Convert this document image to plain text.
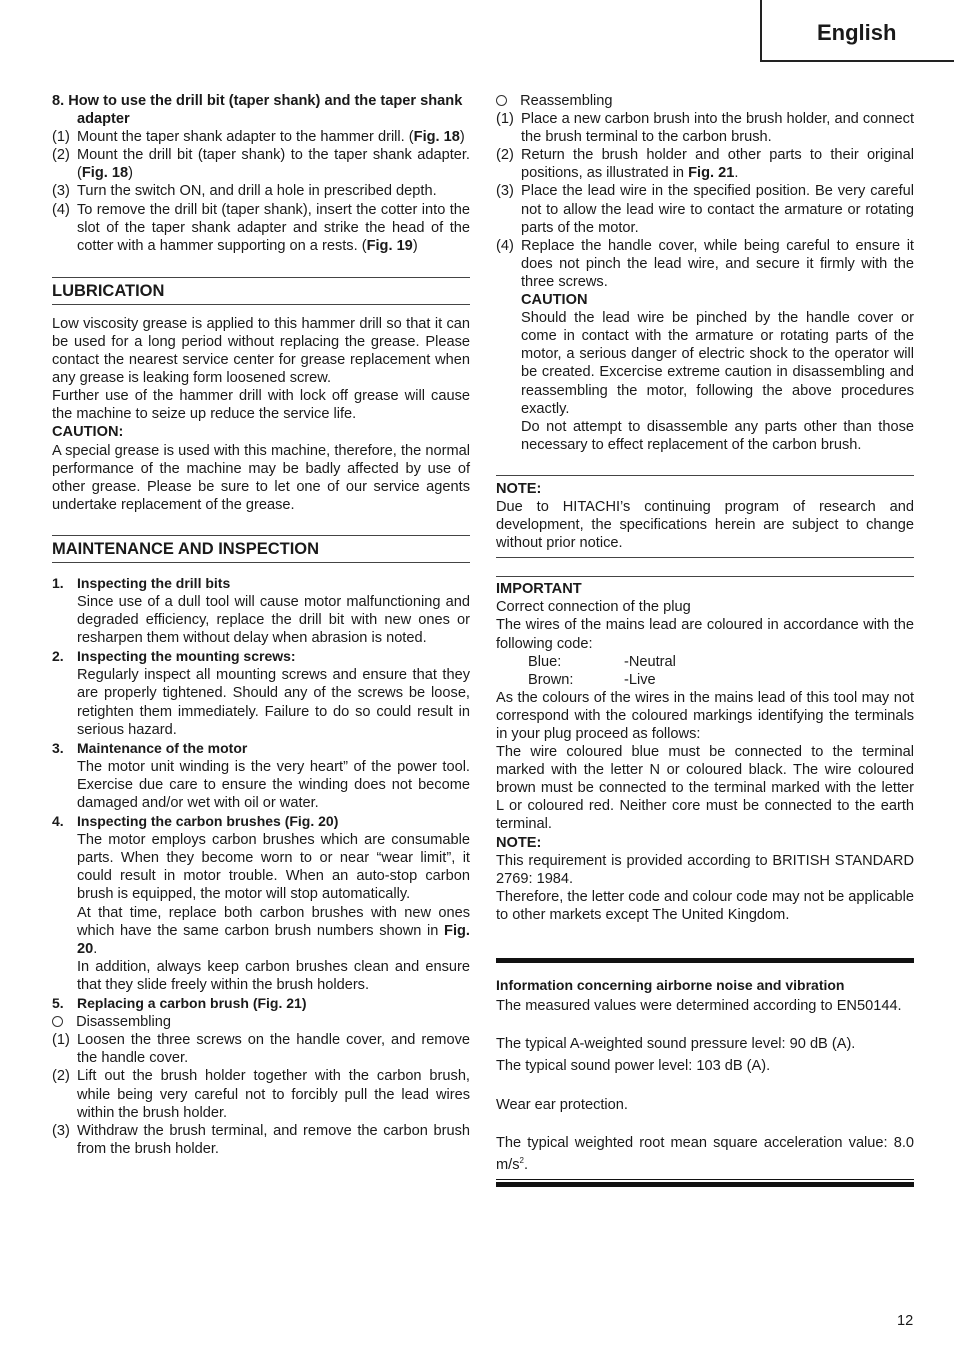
English

8. How to use the drill bit (taper shank) and the taper shank adapter

(1) Mount the taper shank adapter to the hammer drill. (Fig. 18)
(2) Mount the drill bit (taper shank) to the taper shank adapter. (Fig. 18)
(3) Turn the switch ON, and drill a hole in prescribed depth.
(4) To remove the drill bit (taper shank), insert the cotter into the slot of the taper shank adapter and strike the head of the cotter with a hammer supporting on a rests. (Fig. 19)
LUBRICATION

Low viscosity grease is applied to this hammer drill so that it can be used for a long period without replacing the grease. Please contact the nearest service center for grease replacement when any grease is leaking form loosened screw.

Further use of the hammer drill with lock off grease will cause the machine to seize up reduce the service life.

CAUTION:

A special grease is used with this machine, therefore, the normal performance of the machine may be badly affected by use of other grease. Please be sure to let one of our service agents undertake replacement of the grease.

MAINTENANCE AND INSPECTION
1. Inspecting the drill bits

Since use of a dull tool will cause motor malfunctioning and degraded efficiency, replace the drill bit with new ones or resharpen them without delay when abrasion is noted.

2. Inspecting the mounting screws:

Regularly inspect all mounting screws and ensure that they are properly tightened. Should any of the screws be loose, retighten them immediately. Failure to do so could result in serious hazard.

3. Maintenance of the motor

The motor unit winding is the very heart” of the power tool. Exercise due care to ensure the winding does not become damaged and/or wet with oil or water.

4. Inspecting the carbon brushes (Fig. 20)

The motor employs carbon brushes which are consumable parts. When they become worn to or near “wear limit”, it could result in motor trouble. When an auto-stop carbon brush is equipped, the motor will stop automatically.

At that time, replace both carbon brushes with new ones which have the same carbon brush numbers shown in Fig. 20.

In addition, always keep carbon brushes clean and ensure that they slide freely within the brush holders.

5. Replacing a carbon brush (Fig. 21)
Disassembling
(1) Loosen the three screws on the handle cover, and remove the handle cover.
(2) Lift out the brush holder together with the carbon brush, while being very careful not to forcibly pull the lead wires within the brush holder.
(3) Withdraw the brush terminal, and remove the carbon brush from the brush holder.
Reassembling
(1) Place a new carbon brush into the brush holder, and connect the brush terminal to the carbon brush.
(2) Return the brush holder and other parts to their original positions, as illustrated in Fig. 21.
(3) Place the lead wire in the specified position. Be very careful not to allow the lead wire to contact the armature or rotating parts of the motor.
(4) Replace the handle cover, while being careful to ensure it does not pinch the lead wire, and secure it firmly with the three screws.

CAUTION

Should the lead wire be pinched by the handle cover or come in contact with the armature or rotating parts of the motor, a serious danger of electric shock to the operator will be created. Excercise extreme caution in disassembling and reassembling the motor, following the above procedures exactly.

Do not attempt to disassemble any parts other than those necessary to effect replacement of the carbon brush.

NOTE:

Due to HITACHI’s continuing program of research and development, the specifications herein are subject to change without prior notice.

IMPORTANT

Correct connection of the plug

The wires of the mains lead are coloured in accordance with the following code:

Blue:	-Neutral
Brown:	-Live

As the colours of the wires in the mains lead of this tool may not correspond with the coloured markings identifying the terminals in your plug proceed as follows:

The wire coloured blue must be connected to the terminal marked with the letter N or coloured black. The wire coloured brown must be connected to the terminal marked with the letter L or coloured red. Neither core must be connected to the earth terminal.

NOTE:

This requirement is provided according to BRITISH STANDARD 2769: 1984.

Therefore, the letter code and colour code may not be applicable to other markets except The United Kingdom.

Information concerning airborne noise and vibration

The measured values were determined according to EN50144.

The typical A-weighted sound pressure level: 90 dB (A).

The typical sound power level: 103 dB (A).

Wear ear protection.

The typical weighted root mean square acceleration value: 8.0 $m/s^2$.

12
